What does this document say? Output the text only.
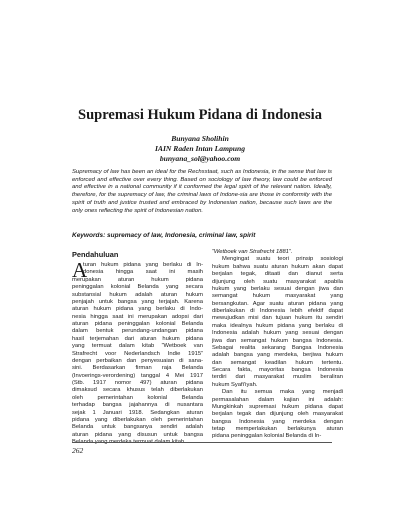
Supremasi Hukum Pidana di Indonesia
Bunyana Sholihin
IAIN Raden Intan Lampung
bunyana_sol@yahoo.com

Supremacy of law has been an ideal for the Rechsstaat, such as Indonesia, in the sense that law is enforced and effective over every thing. Based on sociology of law theory, law could be enforced and effective in a national community if it conformed the legal spirit of the relevant nation. Ideally, therefore, for the supremacy of law, the criminal laws of Indone-sia are those in conformity with the spirit of truth and justice trusted and embraced by Indonesian nation, because such laws are the only ones reflecting the spirit of Indonesian nation.

Keywords: supremacy of law, Indonesia, criminal law, spirit

Pendahuluan
A
turan hukum pidana yang berlaku di In-
donesia hingga saat ini masih
merupakan aturan hukum pidana
peninggalan kolonial Belanda yang secara
substansial hukum adalah aturan hukum
penjajah untuk bangsa yang terjajah. Karena
aturan hukum pidana yang berlaku di Indo-
nesia hingga saat ini merupakan adopsi dari
aturan pidana peninggalan kolonial Belanda
dalam bentuk perundang-undangan pidana
hasil terjemahan dari aturan hukum pidana
yang termuat dalam kitab “Wetboek van
Strafrecht voor Nederlandsch Indie 1915”
dengan perbaikan dan penyesuaian di sana-
sini. Berdasarkan firman raja Belanda
(Invoerings-verordening) tanggal 4 Mei 1917
(Stb. 1917 nomor 497) aturan pidana
dimaksud secara khusus telah diberlakukan
oleh pemerintahan kolonial Belanda
terhadap bangsa jajahannya di nusantara
sejak 1 Januari 1918. Sedangkan aturan
pidana yang diberlakukan oleh pemerintahan
Belanda untuk bangsanya sendiri adalah
aturan pidana yang disusun untuk bangsa
Belanda yang merdeka termuat dalam kitab
“Wetboek van Strafrecht 1881”.
Mengingat suatu teori prinsip sosiologi
hukum bahwa suatu aturan hukum akan dapat
berjalan tegak, ditaati dan dianut serta
dijunjung oleh suatu masyarakat apabila
hukum yang berlaku sesuai dengan jiwa dan
semangat hukum masyarakat yang
bersangkutan. Agar suatu aturan pidana yang
diberlakukan di Indonesia lebih efektif dapat
mewujudkan misi dan tujuan hukum itu sendiri
maka idealnya hukum pidana yang berlaku di
Indonesia adalah hukum yang sesuai dengan
jiwa dan semangat hukum bangsa Indonesia.
Sebagai realita sekarang Bangsa Indonesia
adalah bangsa yang merdeka, berjiwa hukum
dan semangat keadilan hukum tertentu.
Secara fakta, mayoritas bangsa Indonesia
terdiri dari masyarakat muslim beraliran
hukum Syafi’iyah.
Dan itu semua maka yang menjadi
permasalahan dalam kajian ini adalah:
Mungkinkah supremasi hukum pidana dapat
berjalan tegak dan dijunjung oleh masyarakat
bangsa Indonesia yang merdeka dengan
tetap memperlakukan berlakunya aturan
pidana peninggalan kolonial Belanda di In-
262
